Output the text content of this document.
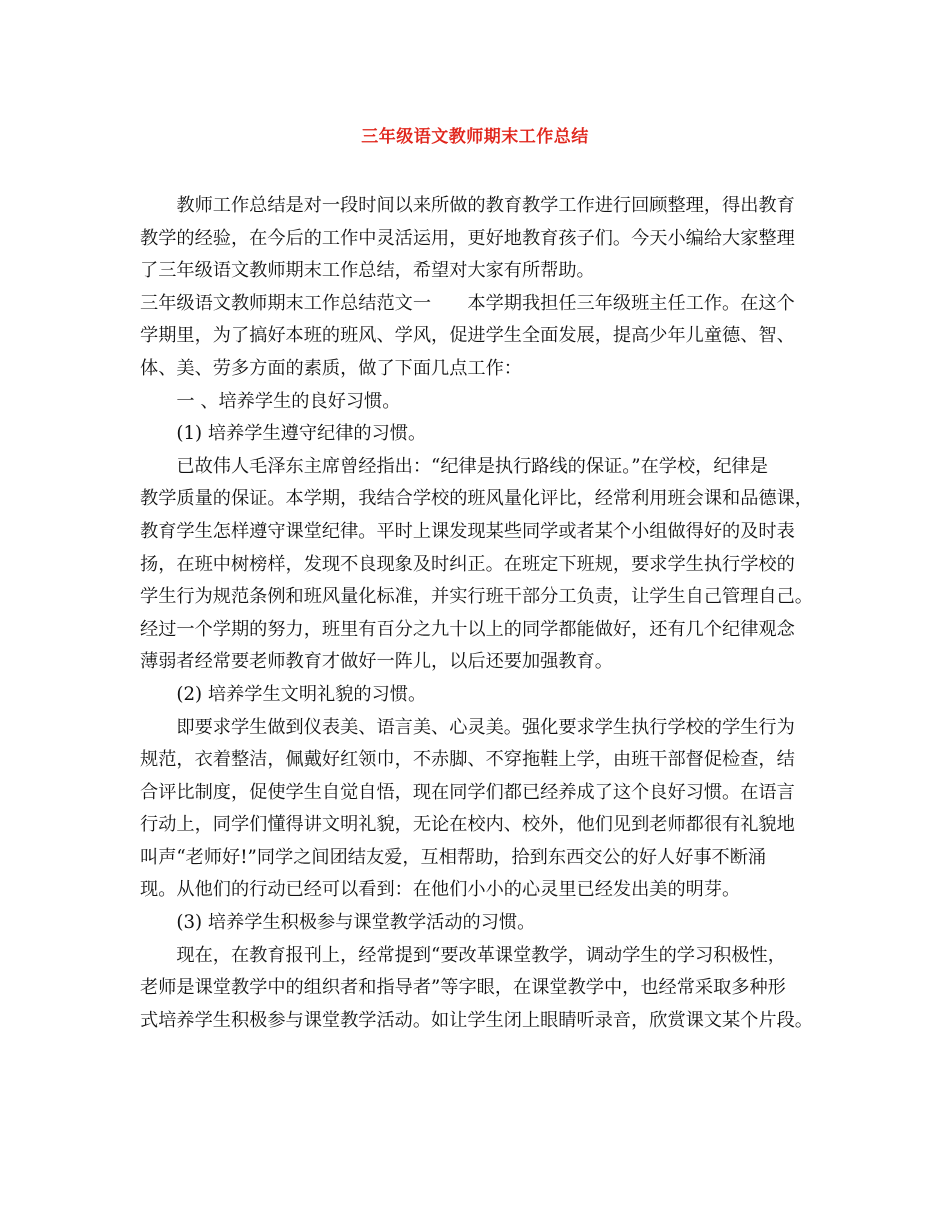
三年级语文教师期末工作总结
教师工作总结是对一段时间以来所做的教育教学工作进行回顾整理，得出教育
教学的经验，在今后的工作中灵活运用，更好地教育孩子们。今天小编给大家整理
了三年级语文教师期末工作总结，希望对大家有所帮助。
三年级语文教师期末工作总结范文一　　本学期我担任三年级班主任工作。在这个
学期里，为了搞好本班的班风、学风，促进学生全面发展，提高少年儿童德、智、
体、美、劳多方面的素质，做了下面几点工作：
一 、培养学生的良好习惯。
(1) 培养学生遵守纪律的习惯。
已故伟人毛泽东主席曾经指出：“纪律是执行路线的保证。”在学校，纪律是
教学质量的保证。本学期，我结合学校的班风量化评比，经常利用班会课和品德课，
教育学生怎样遵守课堂纪律。平时上课发现某些同学或者某个小组做得好的及时表
扬，在班中树榜样，发现不良现象及时纠正。在班定下班规，要求学生执行学校的
学生行为规范条例和班风量化标准，并实行班干部分工负责，让学生自己管理自己。
经过一个学期的努力，班里有百分之九十以上的同学都能做好，还有几个纪律观念
薄弱者经常要老师教育才做好一阵儿，以后还要加强教育。
(2) 培养学生文明礼貌的习惯。
即要求学生做到仪表美、语言美、心灵美。强化要求学生执行学校的学生行为
规范，衣着整洁，佩戴好红领巾，不赤脚、不穿拖鞋上学，由班干部督促检查，结
合评比制度，促使学生自觉自悟，现在同学们都已经养成了这个良好习惯。在语言
行动上，同学们懂得讲文明礼貌，无论在校内、校外，他们见到老师都很有礼貌地
叫声“老师好!”同学之间团结友爱，互相帮助，拾到东西交公的好人好事不断涌
现。从他们的行动已经可以看到：在他们小小的心灵里已经发出美的明芽。
(3) 培养学生积极参与课堂教学活动的习惯。
现在，在教育报刊上，经常提到“要改革课堂教学，调动学生的学习积极性，
老师是课堂教学中的组织者和指导者”等字眼，在课堂教学中，也经常采取多种形
式培养学生积极参与课堂教学活动。如让学生闭上眼睛听录音，欣赏课文某个片段。
